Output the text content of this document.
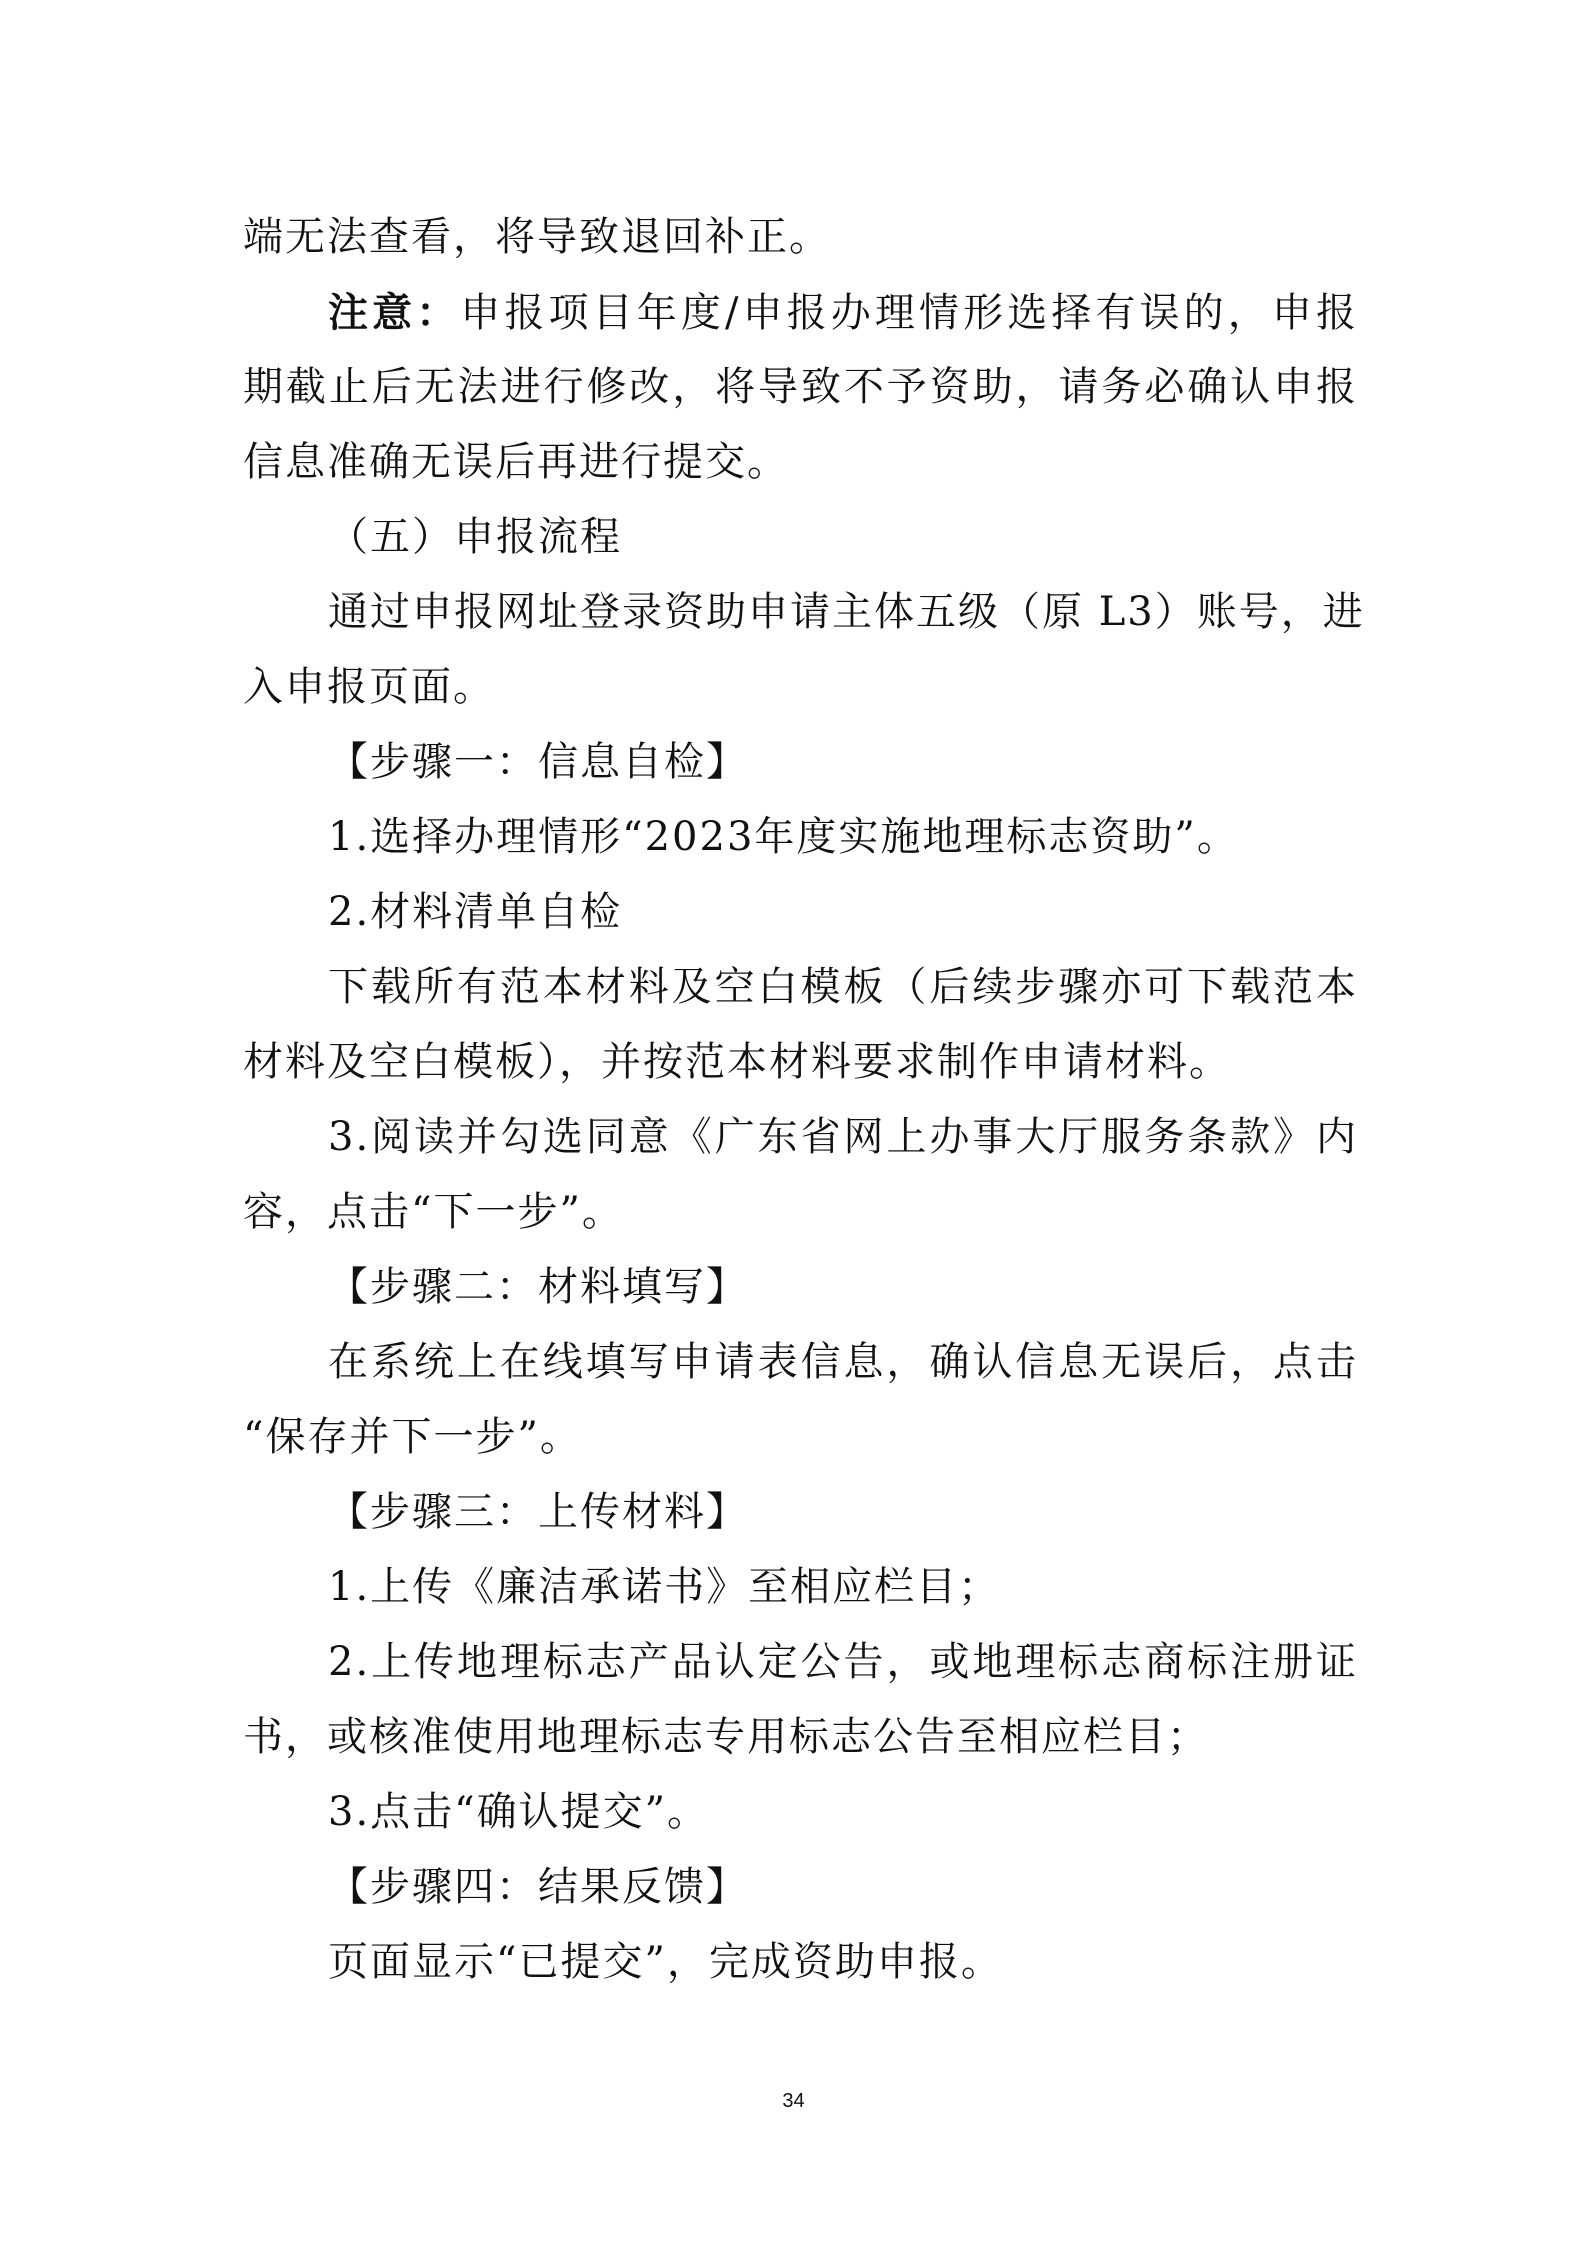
端无法查看，将导致退回补正。
注意：申报项目年度/申报办理情形选择有误的，申报
期截止后无法进行修改，将导致不予资助，请务必确认申报
信息准确无误后再进行提交。
（五）申报流程
通过申报网址登录资助申请主体五级（原 L3）账号，进
入申报页面。
【步骤一：信息自检】
1.选择办理情形“2023年度实施地理标志资助”。
2.材料清单自检
下载所有范本材料及空白模板（后续步骤亦可下载范本
材料及空白模板），并按范本材料要求制作申请材料。
3.阅读并勾选同意《广东省网上办事大厅服务条款》内
容，点击“下一步”。
【步骤二：材料填写】
在系统上在线填写申请表信息，确认信息无误后，点击
“保存并下一步”。
【步骤三：上传材料】
1.上传《廉洁承诺书》至相应栏目；
2.上传地理标志产品认定公告，或地理标志商标注册证
书，或核准使用地理标志专用标志公告至相应栏目；
3.点击“确认提交”。
【步骤四：结果反馈】
页面显示“已提交”，完成资助申报。
34
